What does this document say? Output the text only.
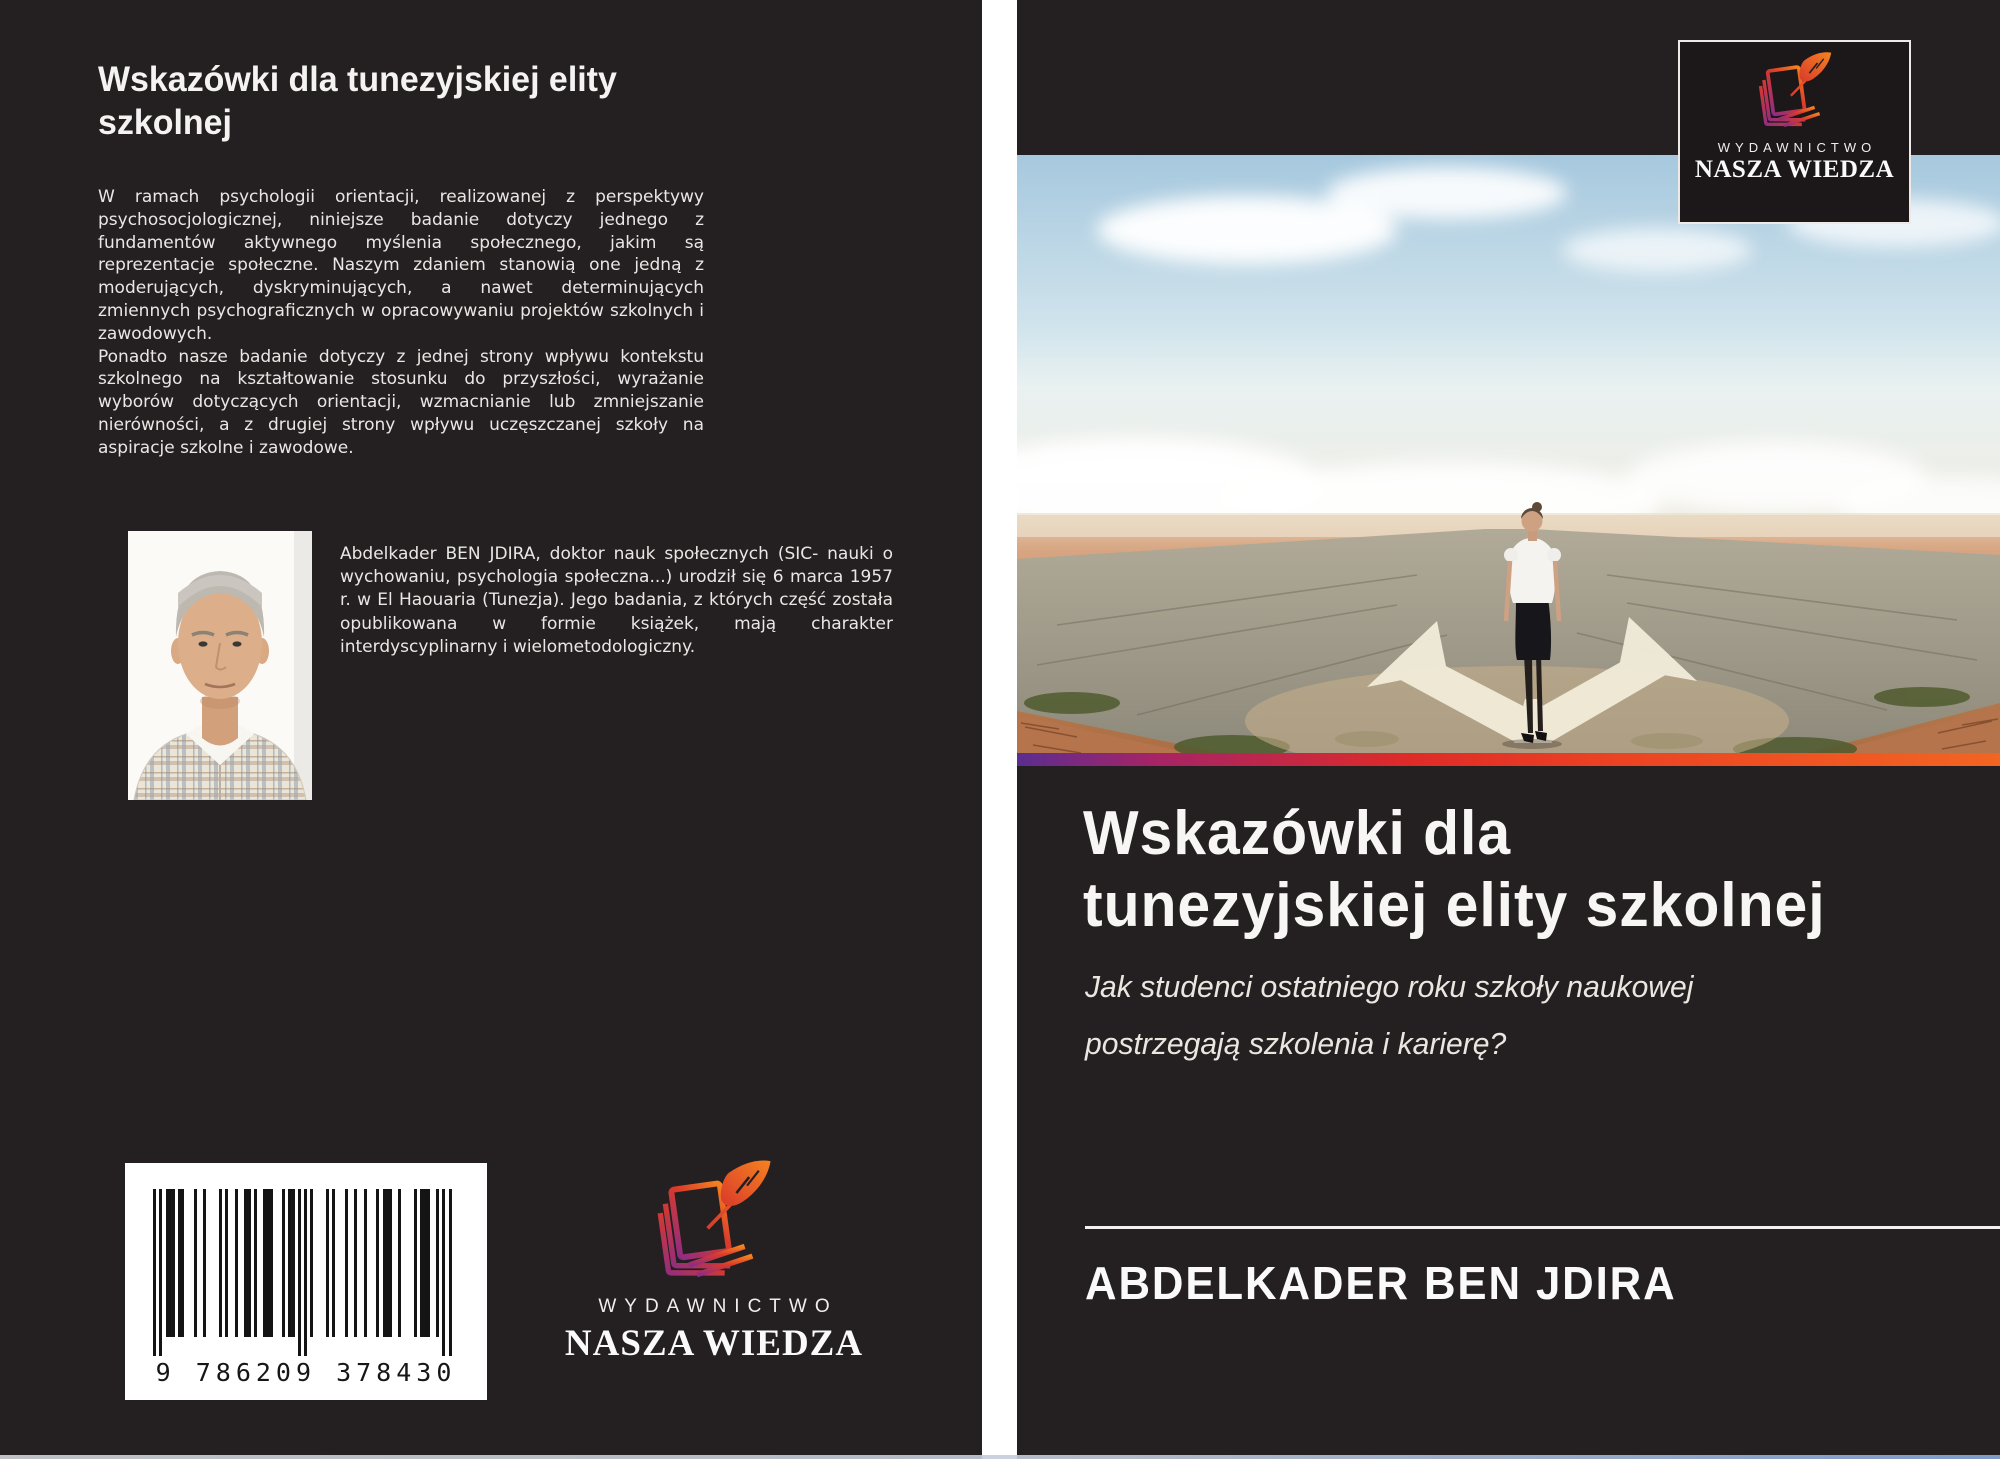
Wskazówki dla tunezyjskiej elity
szkolnej

W ramach psychologii orientacji, realizowanej z perspektywy psychosocjologicznej, niniejsze badanie dotyczy jednego z fundamentów aktywnego myślenia społecznego, jakim są reprezentacje społeczne. Naszym zdaniem stanowią one jedną z moderujących, dyskryminujących, a nawet determinujących zmiennych psychograficznych w opracowywaniu projektów szkolnych i zawodowych.

Ponadto nasze badanie dotyczy z jednej strony wpływu kontekstu szkolnego na kształtowanie stosunku do przyszłości, wyrażanie wyborów dotyczących orientacji, wzmacnianie lub zmniejszanie nierówności, a z drugiej strony wpływu uczęszczanej szkoły na aspiracje szkolne i zawodowe.

Abdelkader BEN JDIRA, doktor nauk społecznych (SIC- nauki o wychowaniu, psychologia społeczna...) urodził się 6 marca 1957 r. w El Haouaria (Tunezja). Jego badania, z których część została opublikowana w formie książek, mają charakter interdyscyplinarny i wielometodologiczny.
9 786209 378430
WYDAWNICTWO
NASZA WIEDZA
WYDAWNICTWO
NASZA WIEDZA
Wskazówki dla
tunezyjskiej elity szkolnej
Jak studenci ostatniego roku szkoły naukowej
postrzegają szkolenia i karierę?
ABDELKADER BEN JDIRA
